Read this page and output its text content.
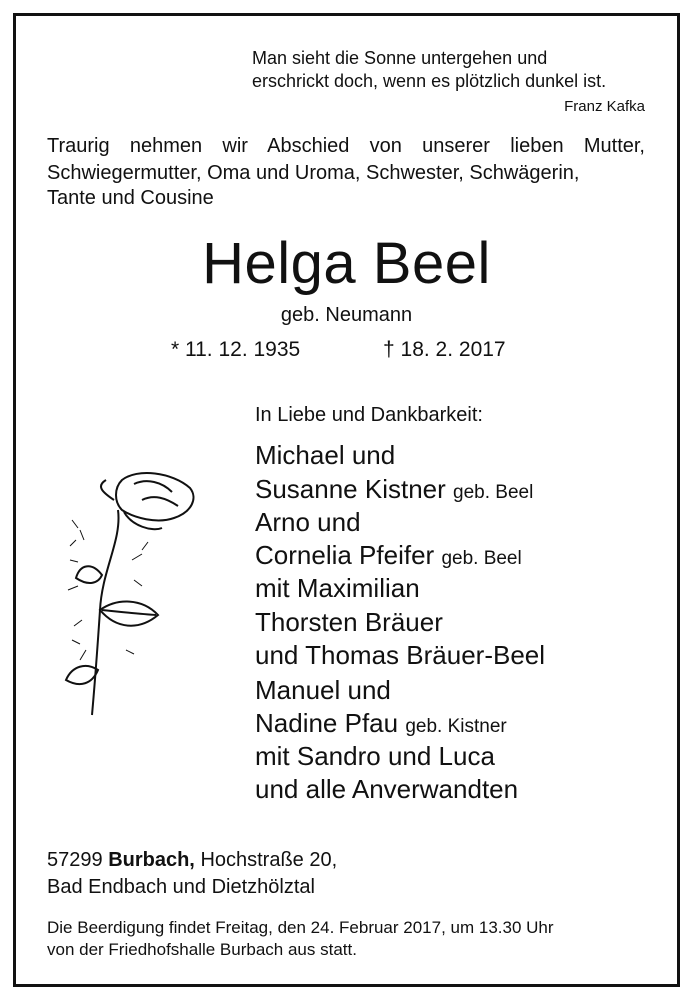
Man sieht die Sonne untergehen und
erschrickt doch, wenn es plötzlich dunkel ist.
Franz Kafka
Traurig nehmen wir Abschied von unserer lieben Mutter, Schwiegermutter, Oma und Uroma, Schwester, Schwägerin,
Tante und Cousine
Helga Beel
geb. Neumann
* 11. 12. 1935	† 18. 2. 2017
In Liebe und Dankbarkeit:
Michael und
Susanne Kistner geb. Beel
Arno und
Cornelia Pfeifer geb. Beel
mit Maximilian
Thorsten Bräuer
und Thomas Bräuer-Beel
Manuel und
Nadine Pfau geb. Kistner
mit Sandro und Luca
und alle Anverwandten
57299 Burbach, Hochstraße 20,
Bad Endbach und Dietzhölztal
Die Beerdigung findet Freitag, den 24. Februar 2017, um 13.30 Uhr
von der Friedhofshalle Burbach aus statt.
